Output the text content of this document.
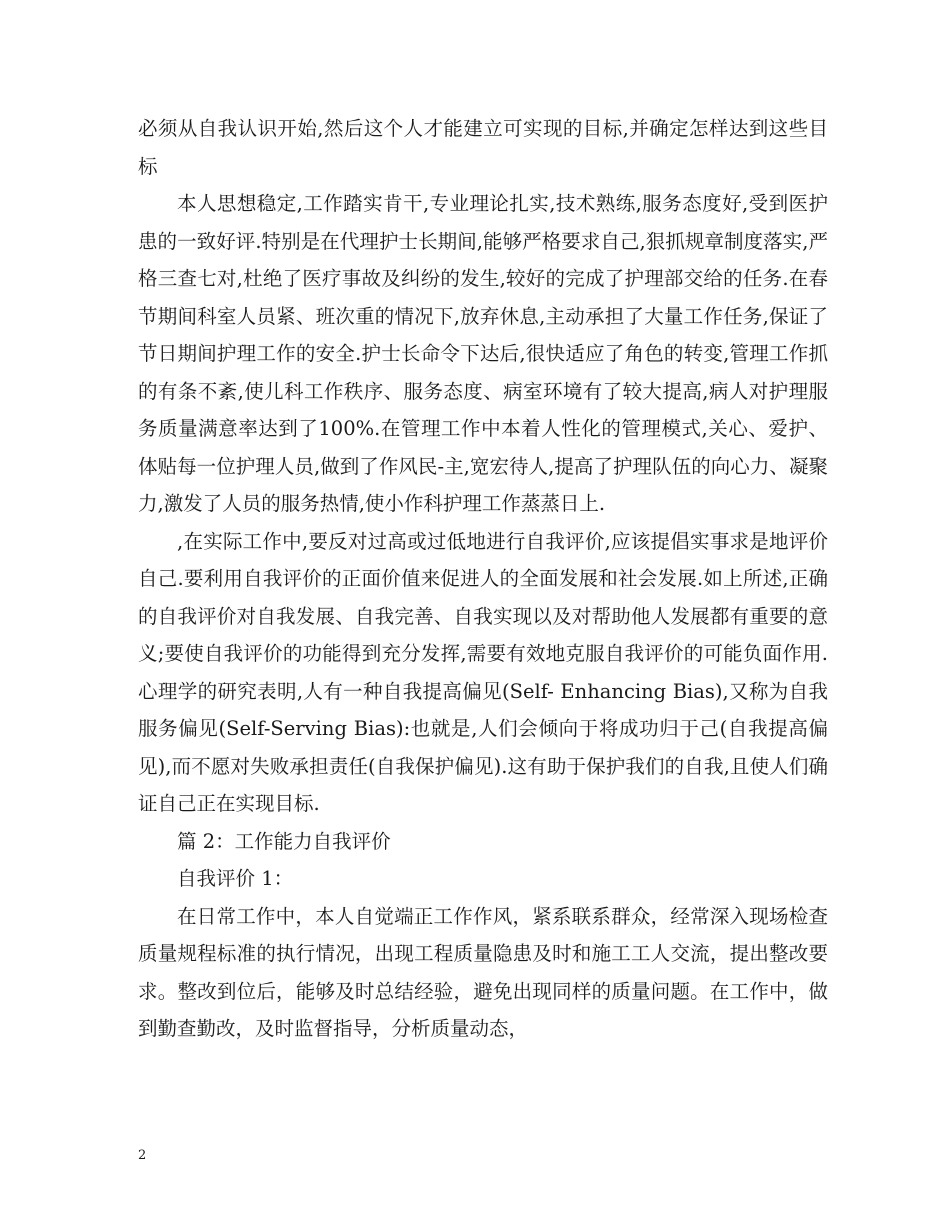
必须从自我认识开始,然后这个人才能建立可实现的目标,并确定怎样达到这些目标

本人思想稳定,工作踏实肯干,专业理论扎实,技术熟练,服务态度好,受到医护患的一致好评.特别是在代理护士长期间,能够严格要求自己,狠抓规章制度落实,严格三查七对,杜绝了医疗事故及纠纷的发生,较好的完成了护理部交给的任务.在春节期间科室人员紧、班次重的情况下,放弃休息,主动承担了大量工作任务,保证了节日期间护理工作的安全.护士长命令下达后,很快适应了角色的转变,管理工作抓的有条不紊,使儿科工作秩序、服务态度、病室环境有了较大提高,病人对护理服务质量满意率达到了100%.在管理工作中本着人性化的管理模式,关心、爱护、体贴每一位护理人员,做到了作风民-主,宽宏待人,提高了护理队伍的向心力、凝聚力,激发了人员的服务热情,使小作科护理工作蒸蒸日上.

,在实际工作中,要反对过高或过低地进行自我评价,应该提倡实事求是地评价自己.要利用自我评价的正面价值来促进人的全面发展和社会发展.如上所述,正确的自我评价对自我发展、自我完善、自我实现以及对帮助他人发展都有重要的意义;要使自我评价的功能得到充分发挥,需要有效地克服自我评价的可能负面作用.心理学的研究表明,人有一种自我提高偏见(Self- Enhancing Bias),又称为自我服务偏见(Self-Serving Bias):也就是,人们会倾向于将成功归于己(自我提高偏见),而不愿对失败承担责任(自我保护偏见).这有助于保护我们的自我,且使人们确证自己正在实现目标.

篇 2：工作能力自我评价

自我评价 1：

在日常工作中，本人自觉端正工作作风，紧系联系群众，经常深入现场检查质量规程标准的执行情况，出现工程质量隐患及时和施工工人交流，提出整改要求。整改到位后，能够及时总结经验，避免出现同样的质量问题。在工作中，做到勤查勤改，及时监督指导，分析质量动态，

2
